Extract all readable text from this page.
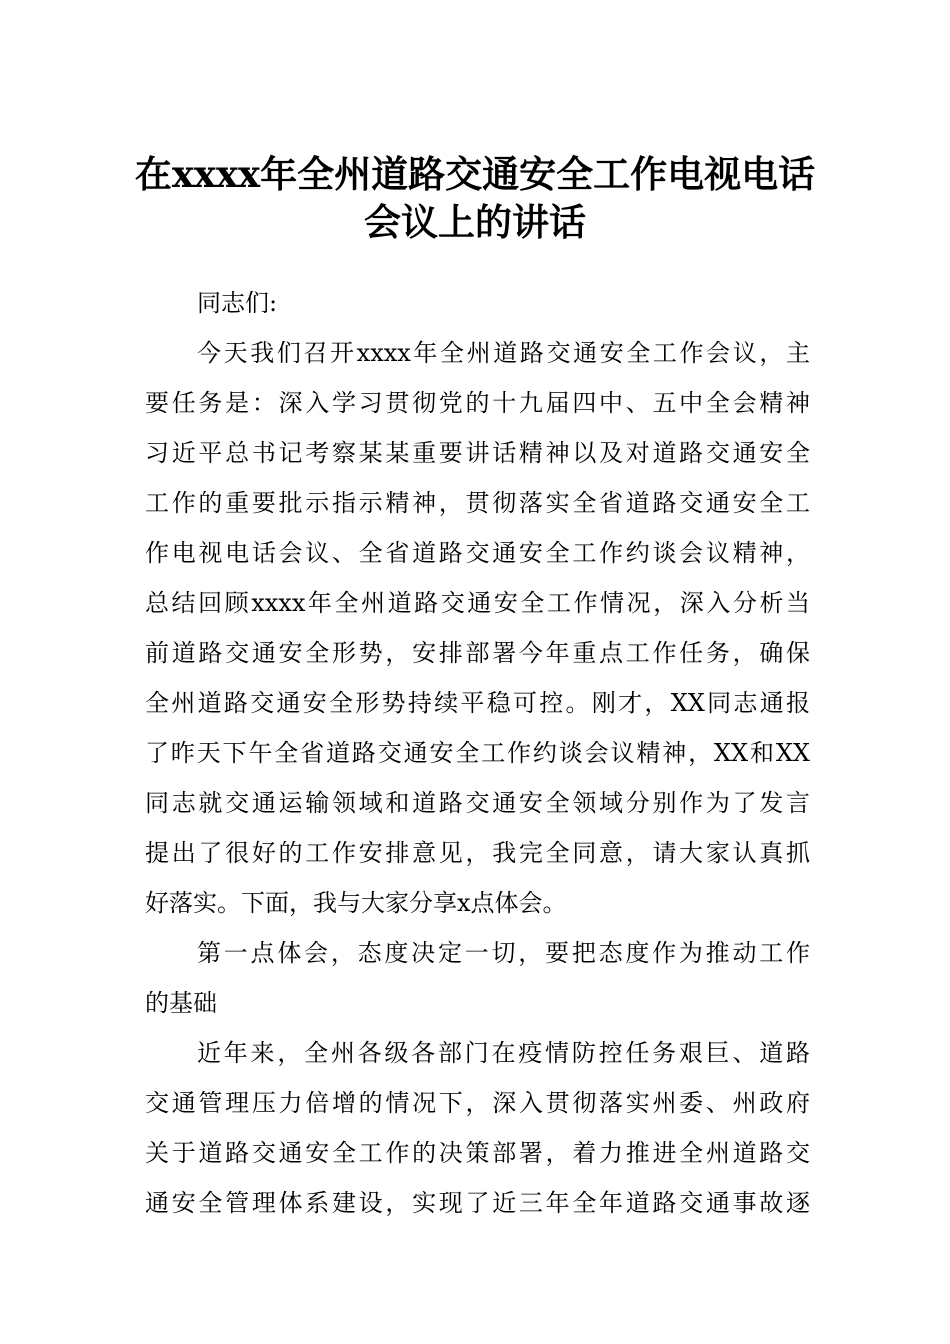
在xxxx年全州道路交通安全工作电视电话
会议上的讲话
同志们:
今天我们召开xxxx年全州道路交通安全工作会议，主
要任务是：深入学习贯彻党的十九届四中、五中全会精神
习近平总书记考察某某重要讲话精神以及对道路交通安全
工作的重要批示指示精神，贯彻落实全省道路交通安全工
作电视电话会议、全省道路交通安全工作约谈会议精神，
总结回顾xxxx年全州道路交通安全工作情况，深入分析当
前道路交通安全形势，安排部署今年重点工作任务，确保
全州道路交通安全形势持续平稳可控。刚才，XX同志通报
了昨天下午全省道路交通安全工作约谈会议精神，XX和XX
同志就交通运输领域和道路交通安全领域分别作为了发言
提出了很好的工作安排意见，我完全同意，请大家认真抓
好落实。下面，我与大家分享x点体会。
第一点体会，态度决定一切，要把态度作为推动工作
的基础
近年来，全州各级各部门在疫情防控任务艰巨、道路
交通管理压力倍增的情况下，深入贯彻落实州委、州政府
关于道路交通安全工作的决策部署，着力推进全州道路交
通安全管理体系建设，实现了近三年全年道路交通事故逐
